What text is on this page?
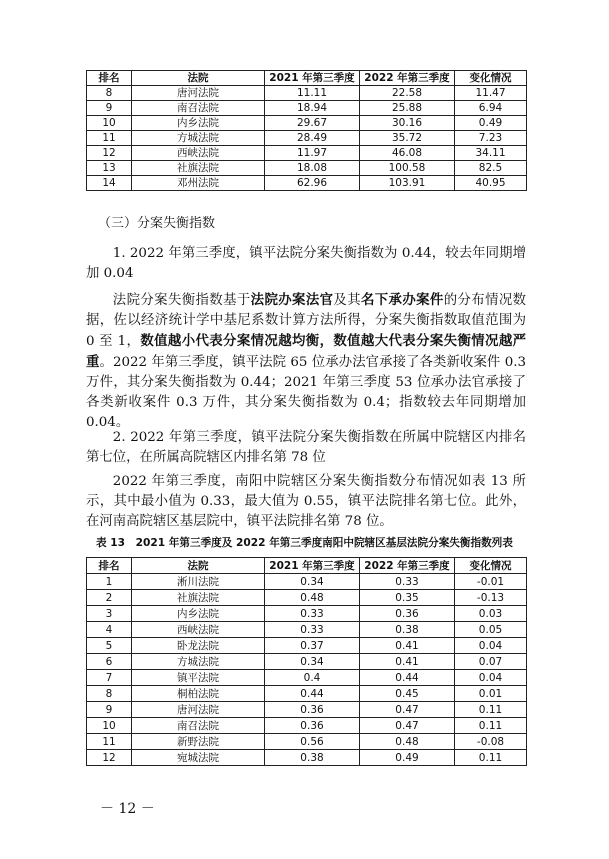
排名	法院	2021 年第三季度	2022 年第三季度	变化情况
8	唐河法院	11.11	22.58	11.47
9	南召法院	18.94	25.88	6.94
10	内乡法院	29.67	30.16	0.49
11	方城法院	28.49	35.72	7.23
12	西峡法院	11.97	46.08	34.11
13	社旗法院	18.08	100.58	82.5
14	邓州法院	62.96	103.91	40.95
（三）分案失衡指数

1. 2022 年第三季度，镇平法院分案失衡指数为 0.44，较去年同期增加 0.04

法院分案失衡指数基于法院办案法官及其名下承办案件的分布情况数据，佐以经济统计学中基尼系数计算方法所得，分案失衡指数取值范围为 0 至 1，数值越小代表分案情况越均衡，数值越大代表分案失衡情况越严重。2022 年第三季度，镇平法院 65 位承办法官承接了各类新收案件 0.3 万件，其分案失衡指数为 0.44；2021 年第三季度 53 位承办法官承接了各类新收案件 0.3 万件，其分案失衡指数为 0.4；指数较去年同期增加 0.04。

2. 2022 年第三季度，镇平法院分案失衡指数在所属中院辖区内排名第七位，在所属高院辖区内排名第 78 位

2022 年第三季度，南阳中院辖区分案失衡指数分布情况如表 13 所示，其中最小值为 0.33，最大值为 0.55，镇平法院排名第七位。此外，在河南高院辖区基层院中，镇平法院排名第 78 位。

表 13　2021 年第三季度及 2022 年第三季度南阳中院辖区基层法院分案失衡指数列表
排名	法院	2021 年第三季度	2022 年第三季度	变化情况
1	淅川法院	0.34	0.33	-0.01
2	社旗法院	0.48	0.35	-0.13
3	内乡法院	0.33	0.36	0.03
4	西峡法院	0.33	0.38	0.05
5	卧龙法院	0.37	0.41	0.04
6	方城法院	0.34	0.41	0.07
7	镇平法院	0.4	0.44	0.04
8	桐柏法院	0.44	0.45	0.01
9	唐河法院	0.36	0.47	0.11
10	南召法院	0.36	0.47	0.11
11	新野法院	0.56	0.48	-0.08
12	宛城法院	0.38	0.49	0.11
－ 12 －
